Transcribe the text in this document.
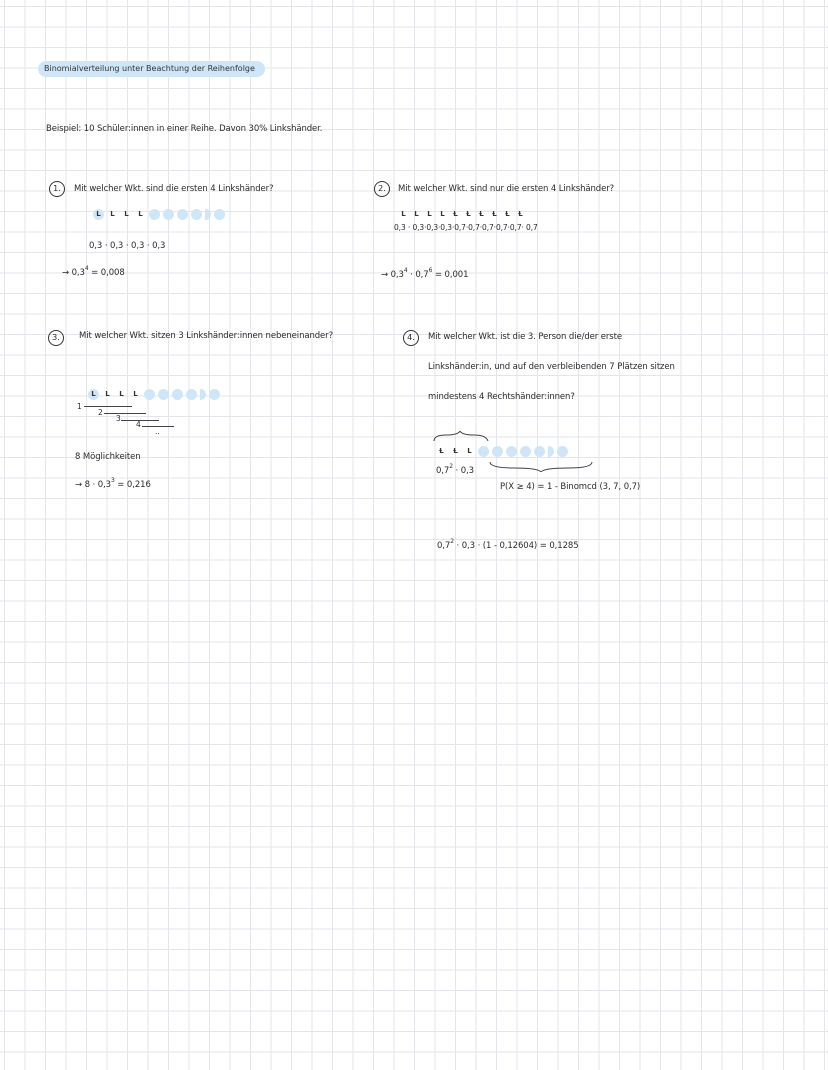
Binomialverteilung unter Beachtung der Reihenfolge
Beispiel: 10 Schüler:innen in einer Reihe. Davon 30% Linkshänder.
1.	Mit welcher Wkt. sind die ersten 4 Linkshänder?
L	L	L	L
0,3 · 0,3 · 0,3 · 0,3
→ $0,3^4 = 0,008$
2.	Mit welcher Wkt. sind nur die ersten 4 Linkshänder?
L	L	L	L	Ɫ	Ɫ	Ɫ	Ɫ	Ɫ	Ɫ
0,3 · 0,3·0,3·0,3·0,7·0,7·0,7·0,7·0,7· 0,7
→ $0,3^4 \cdot 0,7^6 = 0,001$
3.	Mit welcher Wkt. sitzen 3 Linkshänder:innen nebeneinander?
L	L	L	L
1
2
3
4
..
8 Möglichkeiten
→ $8 \cdot 0,3^3 = 0,216$
4.	Mit welcher Wkt. ist die 3. Person die/der erste
Linkshänder:in, und auf den verbleibenden 7 Plätzen sitzen
mindestens 4 Rechtshänder:innen?
Ɫ	Ɫ	L
$0,7^2 \cdot 0,3$
P(X ≥ 4) = 1 - Binomcd (3, 7, 0,7)
$0,7^2 \cdot 0,3 \cdot (1 - 0,12604) = 0,1285$
